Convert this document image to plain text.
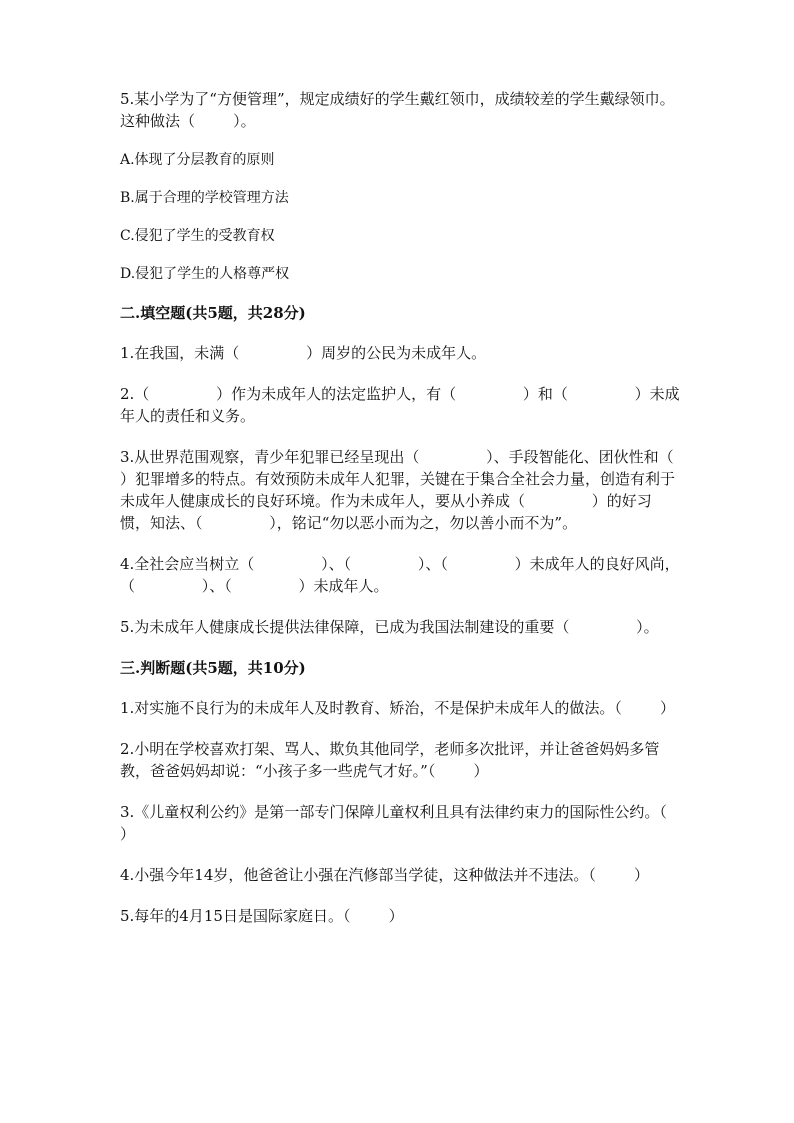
5.某小学为了“方便管理”，规定成绩好的学生戴红领巾，成绩较差的学生戴绿领巾。这种做法（        ）。

A.体现了分层教育的原则

B.属于合理的学校管理方法

C.侵犯了学生的受教育权

D.侵犯了学生的人格尊严权

二.填空题(共5题，共28分)

1.在我国，未满（              ）周岁的公民为未成年人。

2.（              ）作为未成年人的法定监护人，有（              ）和（              ）未成年人的责任和义务。

3.从世界范围观察，青少年犯罪已经呈现出（              ）、手段智能化、团伙性和（              ）犯罪增多的特点。有效预防未成年人犯罪，关键在于集合全社会力量，创造有利于未成年人健康成长的良好环境。作为未成年人，要从小养成（              ）的好习惯，知法、（              ），铭记“勿以恶小而为之，勿以善小而不为”。

4.全社会应当树立（              ）、（              ）、（              ）未成年人的良好风尚，（              ）、（              ）未成年人。

5.为未成年人健康成长提供法律保障，已成为我国法制建设的重要（              ）。

三.判断题(共5题，共10分)

1.对实施不良行为的未成年人及时教育、矫治，不是保护未成年人的做法。（        ）

2.小明在学校喜欢打架、骂人、欺负其他同学，老师多次批评，并让爸爸妈妈多管教，爸爸妈妈却说：“小孩子多一些虎气才好。”（        ）

3.《儿童权利公约》是第一部专门保障儿童权利且具有法律约束力的国际性公约。（      ）

4.小强今年14岁，他爸爸让小强在汽修部当学徒，这种做法并不违法。（        ）

5.每年的4月15日是国际家庭日。（        ）
